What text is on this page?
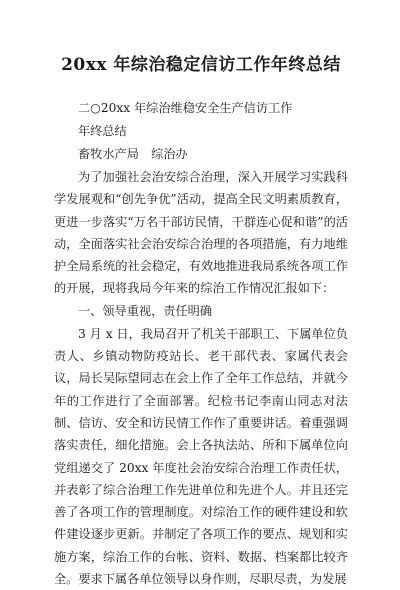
20xx 年综治稳定信访工作年终总结

二○20xx 年综治维稳安全生产信访工作

年终总结

畜牧水产局　综治办

为了加强社会治安综合治理，深入开展学习实践科学发展观和“创先争优”活动，提高全民文明素质教育，更进一步落实“万名干部访民情，干群连心促和谐”的活动，全面落实社会治安综合治理的各项措施，有力地维护全局系统的社会稳定，有效地推进我局系统各项工作的开展，现将我局今年来的综治工作情况汇报如下：

一、领导重视，责任明确

3 月 x 日，我局召开了机关干部职工、下属单位负责人、乡镇动物防疫站长、老干部代表、家属代表会议，局长吴际望同志在会上作了全年工作总结，并就今年的工作进行了全面部署。纪检书记李南山同志对法制、信访、安全和访民情工作作了重要讲话。着重强调落实责任，细化措施。会上各执法站、所和下属单位向党组递交了 20xx 年度社会治安综合治理工作责任状，并表彰了综合治理工作先进单位和先进个人。并且还完善了各项工作的管理制度。对综治工作的硬件建设和软件建设逐步更新。并制定了各项工作的要点、规划和实施方案，综治工作的台帐、资料、数据、档案都比较齐全。要求下属各单位领导以身作则，尽职尽责，为发展
